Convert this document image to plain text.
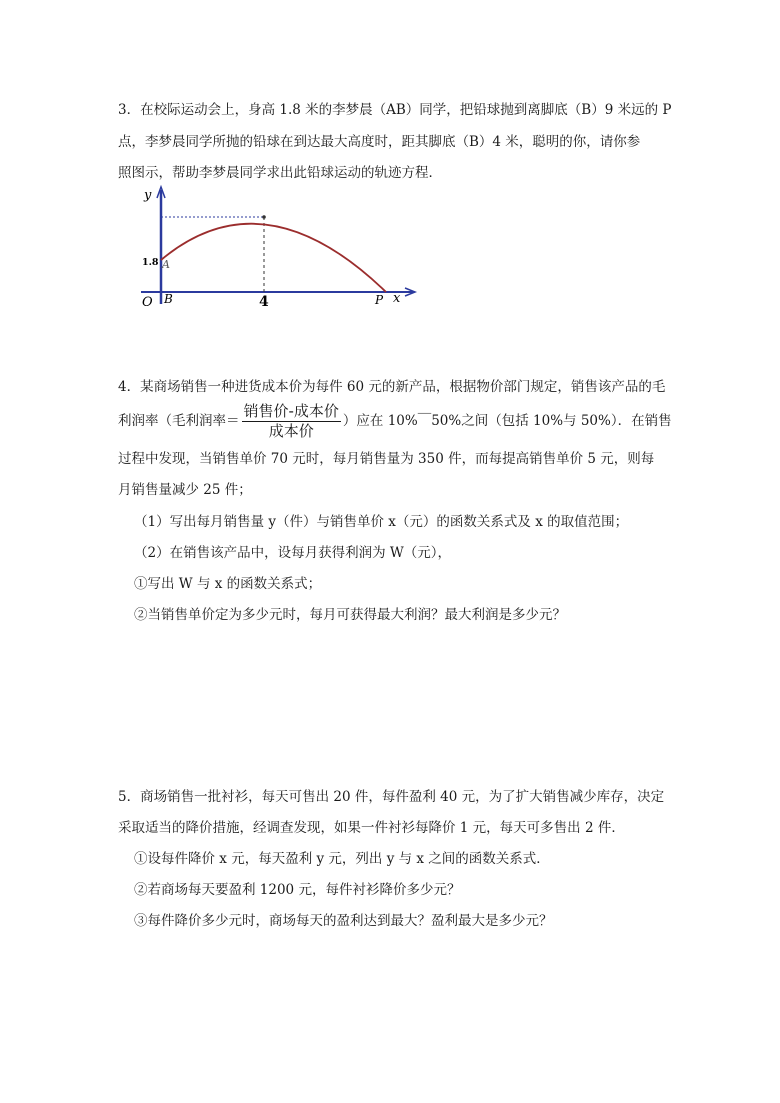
3．在校际运动会上，身高 1.8 米的李梦晨（AB）同学，把铅球抛到离脚底（B）9 米远的 P
点，李梦晨同学所抛的铅球在到达最大高度时，距其脚底（B）4 米，聪明的你，请你参
照图示，帮助李梦晨同学求出此铅球运动的轨迹方程．
y
1.8 A
O B	4	P x
4．某商场销售一种进货成本价为每件 60 元的新产品，根据物价部门规定，销售该产品的毛
利润率（毛利润率＝ $\frac{\text{销售价-成本价}}{\text{成本价}}$ ）应在 10%￣50%之间（包括 10%与 50%）．在销售
过程中发现，当销售单价 70 元时，每月销售量为 350 件，而每提高销售单价 5 元，则每
月销售量减少 25 件；
（1）写出每月销售量 y（件）与销售单价 x（元）的函数关系式及 x 的取值范围；
（2）在销售该产品中，设每月获得利润为 W（元），
①写出 W 与 x 的函数关系式；
②当销售单价定为多少元时，每月可获得最大利润？最大利润是多少元？
5．商场销售一批衬衫，每天可售出 20 件，每件盈利 40 元，为了扩大销售减少库存，决定
采取适当的降价措施，经调查发现，如果一件衬衫每降价 1 元，每天可多售出 2 件．
①设每件降价 x 元，每天盈利 y 元，列出 y 与 x 之间的函数关系式．
②若商场每天要盈利 1200 元，每件衬衫降价多少元？
③每件降价多少元时，商场每天的盈利达到最大？盈利最大是多少元？
